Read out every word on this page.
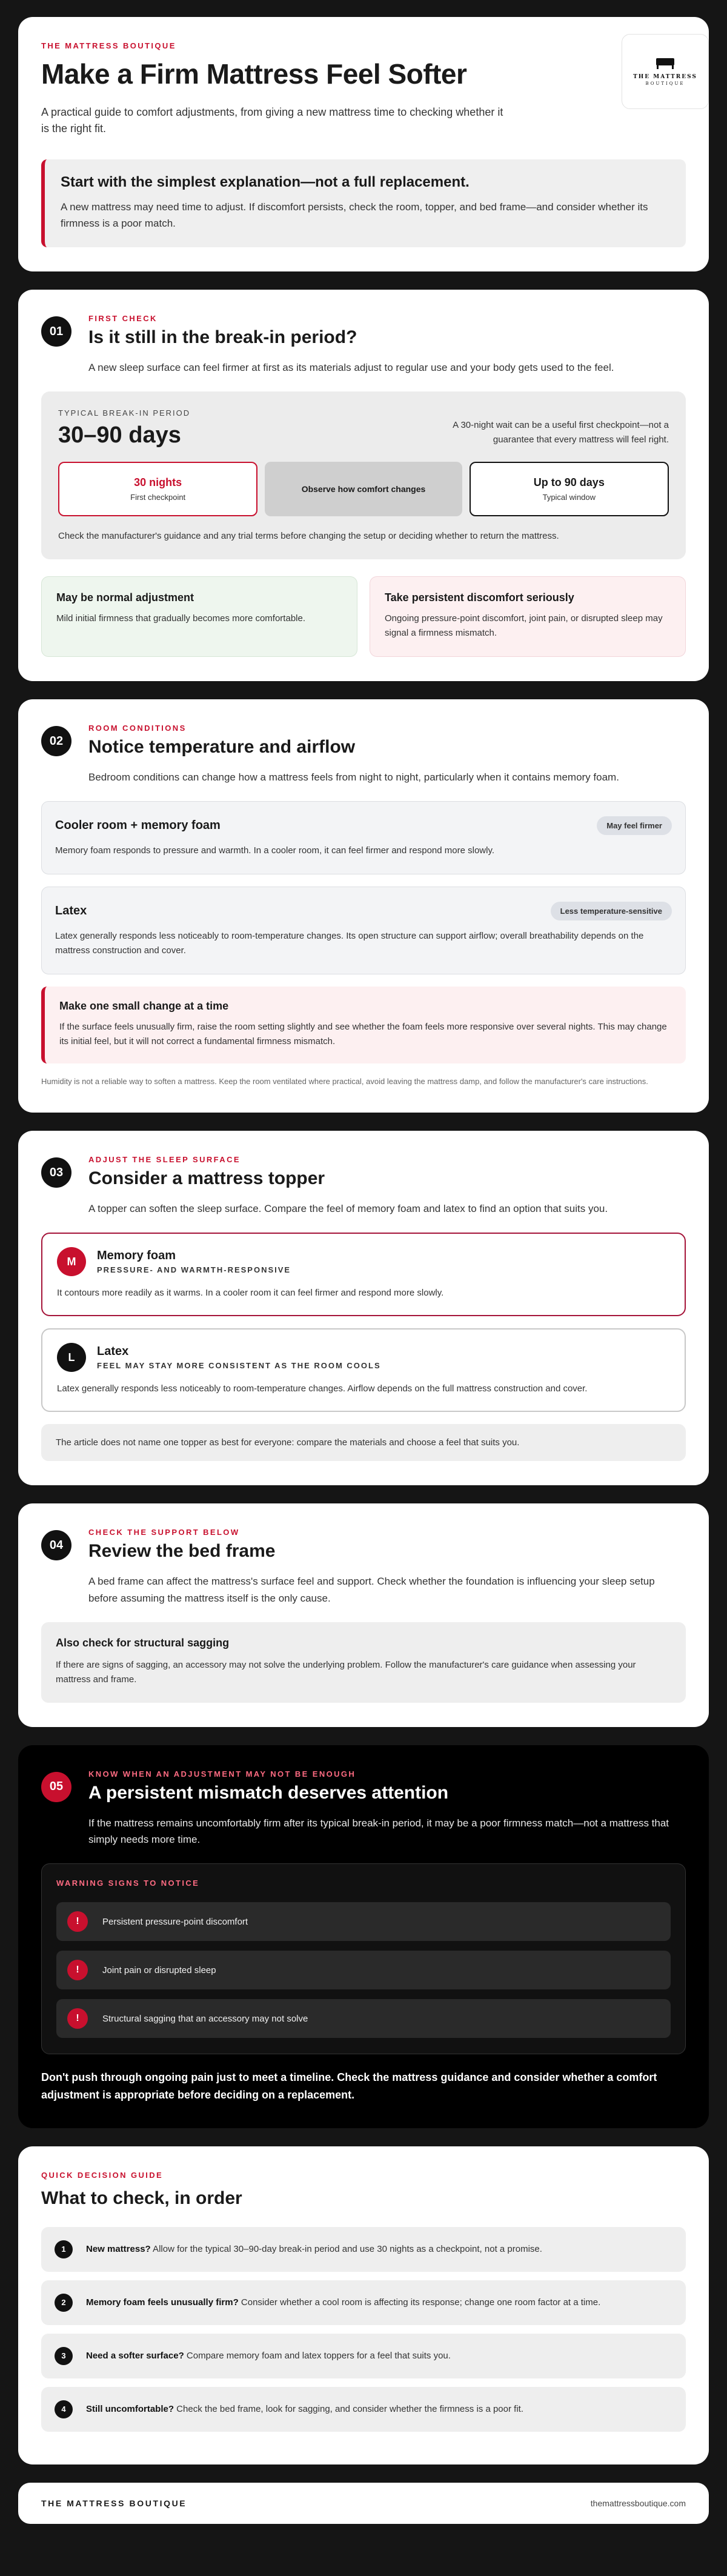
THE MATTRESS BOUTIQUE
Make a Firm Mattress Feel Softer

A practical guide to comfort adjustments, from giving a new mattress time to checking whether it is the right fit.

THE MATTRESS
BOUTIQUE
Start with the simplest explanation—not a full replacement.

A new mattress may need time to adjust. If discomfort persists, check the room, topper, and bed frame—and consider whether its firmness is a poor match.

01
FIRST CHECK
Is it still in the break-in period?

A new sleep surface can feel firmer at first as its materials adjust to regular use and your body gets used to the feel.

TYPICAL BREAK-IN PERIOD
30–90 days	A 30-night wait can be a useful first checkpoint—not a guarantee that every mattress will feel right.
30 nights
First checkpoint
Observe how comfort changes
Up to 90 days
Typical window

Check the manufacturer's guidance and any trial terms before changing the setup or deciding whether to return the mattress.

May be normal adjustment

Mild initial firmness that gradually becomes more comfortable.

Take persistent discomfort seriously

Ongoing pressure-point discomfort, joint pain, or disrupted sleep may signal a firmness mismatch.

02
ROOM CONDITIONS
Notice temperature and airflow

Bedroom conditions can change how a mattress feels from night to night, particularly when it contains memory foam.

Cooler room + memory foam	May feel firmer

Memory foam responds to pressure and warmth. In a cooler room, it can feel firmer and respond more slowly.

Latex	Less temperature-sensitive

Latex generally responds less noticeably to room-temperature changes. Its open structure can support airflow; overall breathability depends on the mattress construction and cover.

Make one small change at a time

If the surface feels unusually firm, raise the room setting slightly and see whether the foam feels more responsive over several nights. This may change its initial feel, but it will not correct a fundamental firmness mismatch.

Humidity is not a reliable way to soften a mattress. Keep the room ventilated where practical, avoid leaving the mattress damp, and follow the manufacturer's care instructions.

03
ADJUST THE SLEEP SURFACE
Consider a mattress topper

A topper can soften the sleep surface. Compare the feel of memory foam and latex to find an option that suits you.

M	Memory foam
PRESSURE- AND WARMTH-RESPONSIVE

It contours more readily as it warms. In a cooler room it can feel firmer and respond more slowly.

L	Latex
FEEL MAY STAY MORE CONSISTENT AS THE ROOM COOLS

Latex generally responds less noticeably to room-temperature changes. Airflow depends on the full mattress construction and cover.

The article does not name one topper as best for everyone: compare the materials and choose a feel that suits you.
04
CHECK THE SUPPORT BELOW
Review the bed frame

A bed frame can affect the mattress's surface feel and support. Check whether the foundation is influencing your sleep setup before assuming the mattress itself is the only cause.

Also check for structural sagging

If there are signs of sagging, an accessory may not solve the underlying problem. Follow the manufacturer's care guidance when assessing your mattress and frame.

05
KNOW WHEN AN ADJUSTMENT MAY NOT BE ENOUGH
A persistent mismatch deserves attention

If the mattress remains uncomfortably firm after its typical break-in period, it may be a poor firmness match—not a mattress that simply needs more time.

WARNING SIGNS TO NOTICE
!	Persistent pressure-point discomfort
!	Joint pain or disrupted sleep
!	Structural sagging that an accessory may not solve

Don't push through ongoing pain just to meet a timeline. Check the mattress guidance and consider whether a comfort adjustment is appropriate before deciding on a replacement.

QUICK DECISION GUIDE
What to check, in order
1	New mattress? Allow for the typical 30–90-day break-in period and use 30 nights as a checkpoint, not a promise.
2	Memory foam feels unusually firm? Consider whether a cool room is affecting its response; change one room factor at a time.
3	Need a softer surface? Compare memory foam and latex toppers for a feel that suits you.
4	Still uncomfortable? Check the bed frame, look for sagging, and consider whether the firmness is a poor fit.
THE MATTRESS BOUTIQUE	themattressboutique.com
